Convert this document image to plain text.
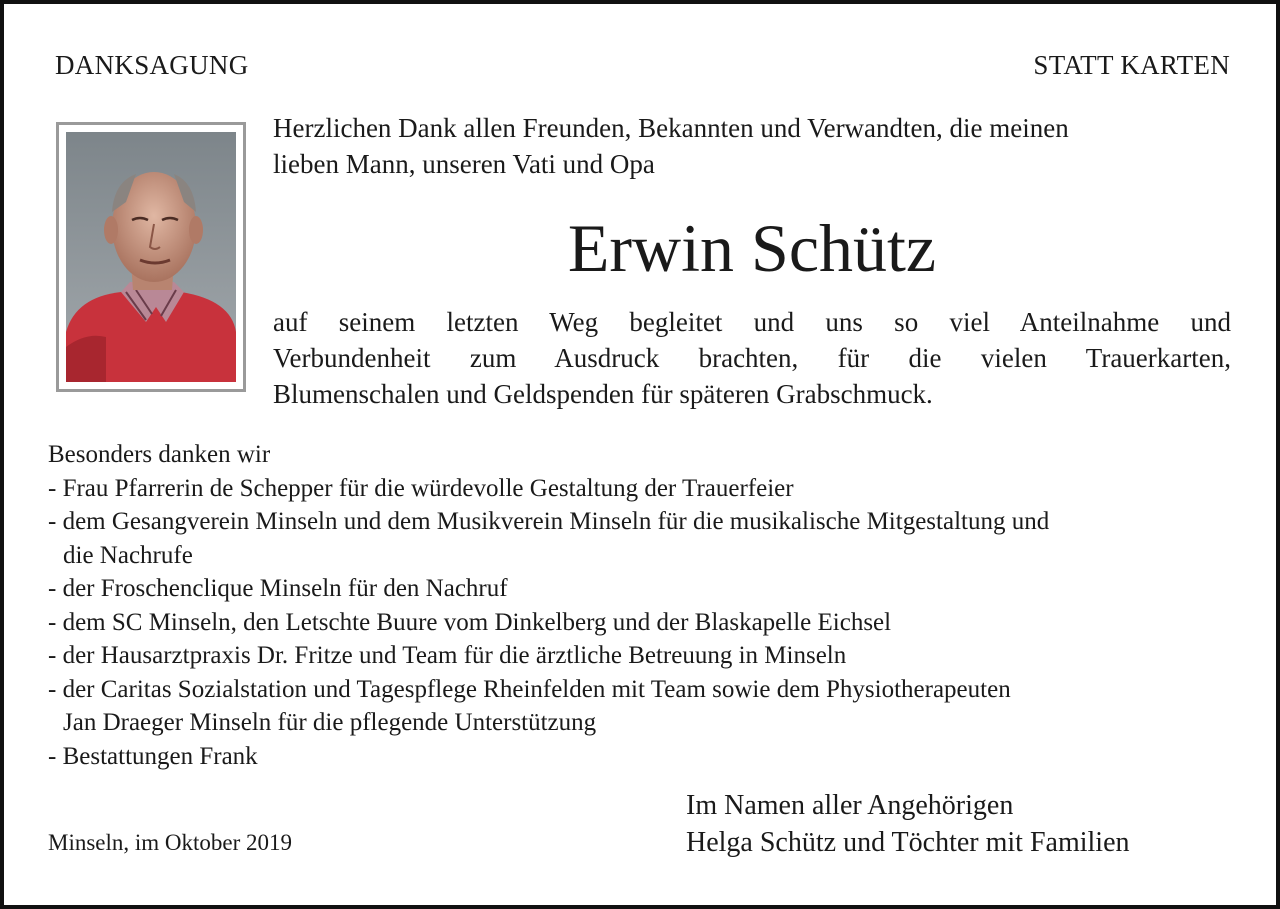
DANKSAGUNG	STATT KARTEN
Herzlichen Dank allen Freunden, Bekannten und Verwandten, die meinen
lieben Mann, unseren Vati und Opa
Erwin Schütz
auf seinem letzten Weg begleitet und uns so viel Anteilnahme und
Verbundenheit zum Ausdruck brachten, für die vielen Trauerkarten,
Blumenschalen und Geldspenden für späteren Grabschmuck.
Besonders danken wir
- Frau Pfarrerin de Schepper für die würdevolle Gestaltung der Trauerfeier
- dem Gesangverein Minseln und dem Musikverein Minseln für die musikalische Mitgestaltung und
die Nachrufe
- der Froschenclique Minseln für den Nachruf
- dem SC Minseln, den Letschte Buure vom Dinkelberg und der Blaskapelle Eichsel
- der Hausarztpraxis Dr. Fritze und Team für die ärztliche Betreuung in Minseln
- der Caritas Sozialstation und Tagespflege Rheinfelden mit Team sowie dem Physiotherapeuten
Jan Draeger Minseln für die pflegende Unterstützung
- Bestattungen Frank
Minseln, im Oktober 2019
Im Namen aller Angehörigen
Helga Schütz und Töchter mit Familien
